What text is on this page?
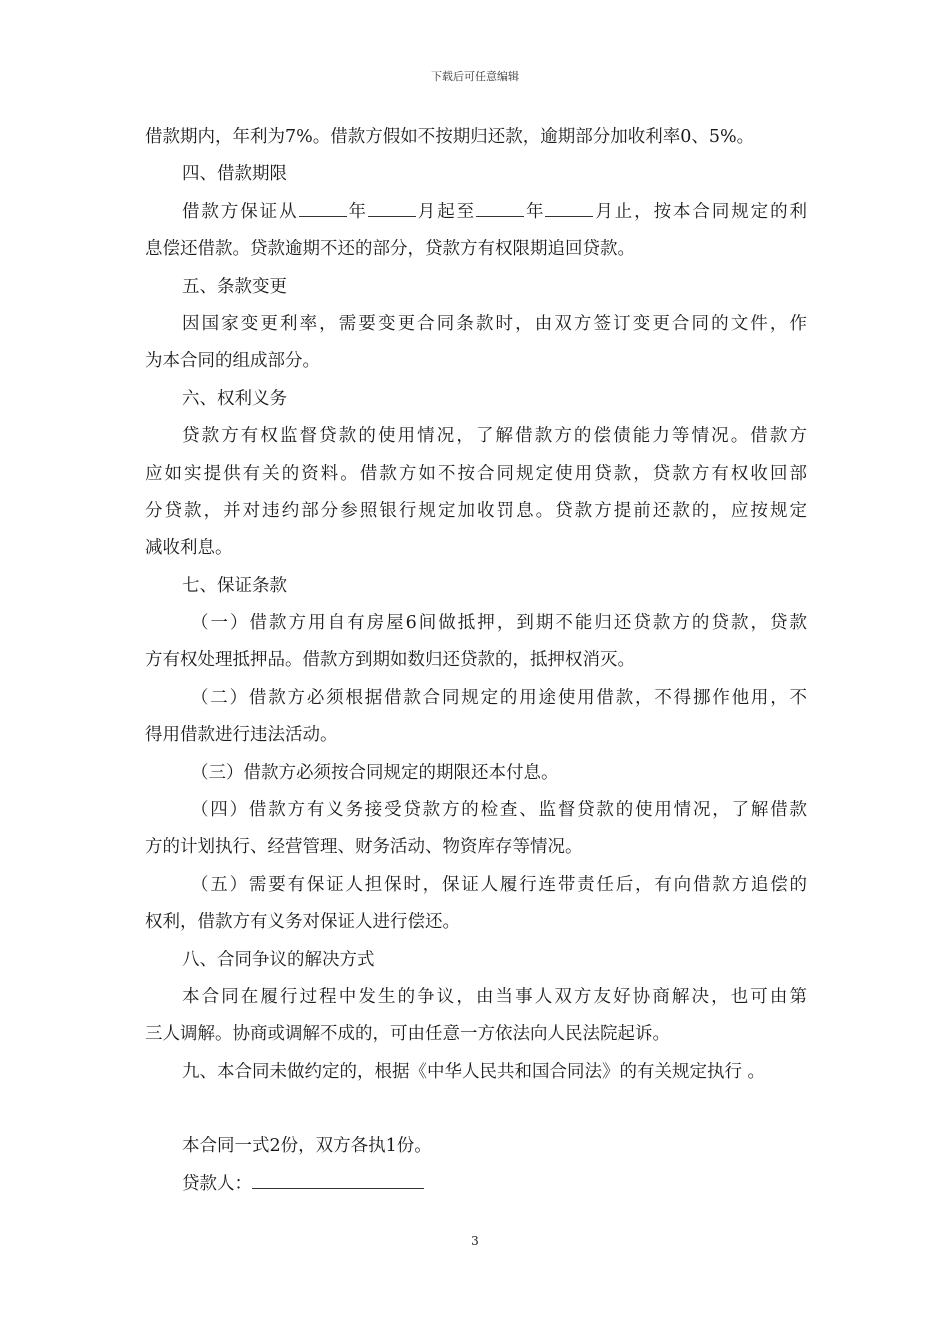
下载后可任意编辑
借款期内，年利为7%。借款方假如不按期归还款，逾期部分加收利率0、5%。
四、借款期限
借款方保证从	年	月起至	年	月止，按本合同规定的利
息偿还借款。贷款逾期不还的部分，贷款方有权限期追回贷款。
五、条款变更
因国家变更利率，需要变更合同条款时，由双方签订变更合同的文件，作
为本合同的组成部分。
六、权利义务
贷款方有权监督贷款的使用情况，了解借款方的偿债能力等情况。借款方
应如实提供有关的资料。借款方如不按合同规定使用贷款，贷款方有权收回部
分贷款，并对违约部分参照银行规定加收罚息。贷款方提前还款的，应按规定
减收利息。
七、保证条款
（一）借款方用自有房屋6间做抵押，到期不能归还贷款方的贷款，贷款
方有权处理抵押品。借款方到期如数归还贷款的，抵押权消灭。
（二）借款方必须根据借款合同规定的用途使用借款，不得挪作他用，不
得用借款进行违法活动。
（三）借款方必须按合同规定的期限还本付息。
（四）借款方有义务接受贷款方的检查、监督贷款的使用情况，了解借款
方的计划执行、经营管理、财务活动、物资库存等情况。
（五）需要有保证人担保时，保证人履行连带责任后，有向借款方追偿的
权利，借款方有义务对保证人进行偿还。
八、合同争议的解决方式
本合同在履行过程中发生的争议，由当事人双方友好协商解决，也可由第
三人调解。协商或调解不成的，可由任意一方依法向人民法院起诉。
九、本合同未做约定的，根据《中华人民共和国合同法》的有关规定执行 。
本合同一式2份，双方各执1份。
贷款人：
3
